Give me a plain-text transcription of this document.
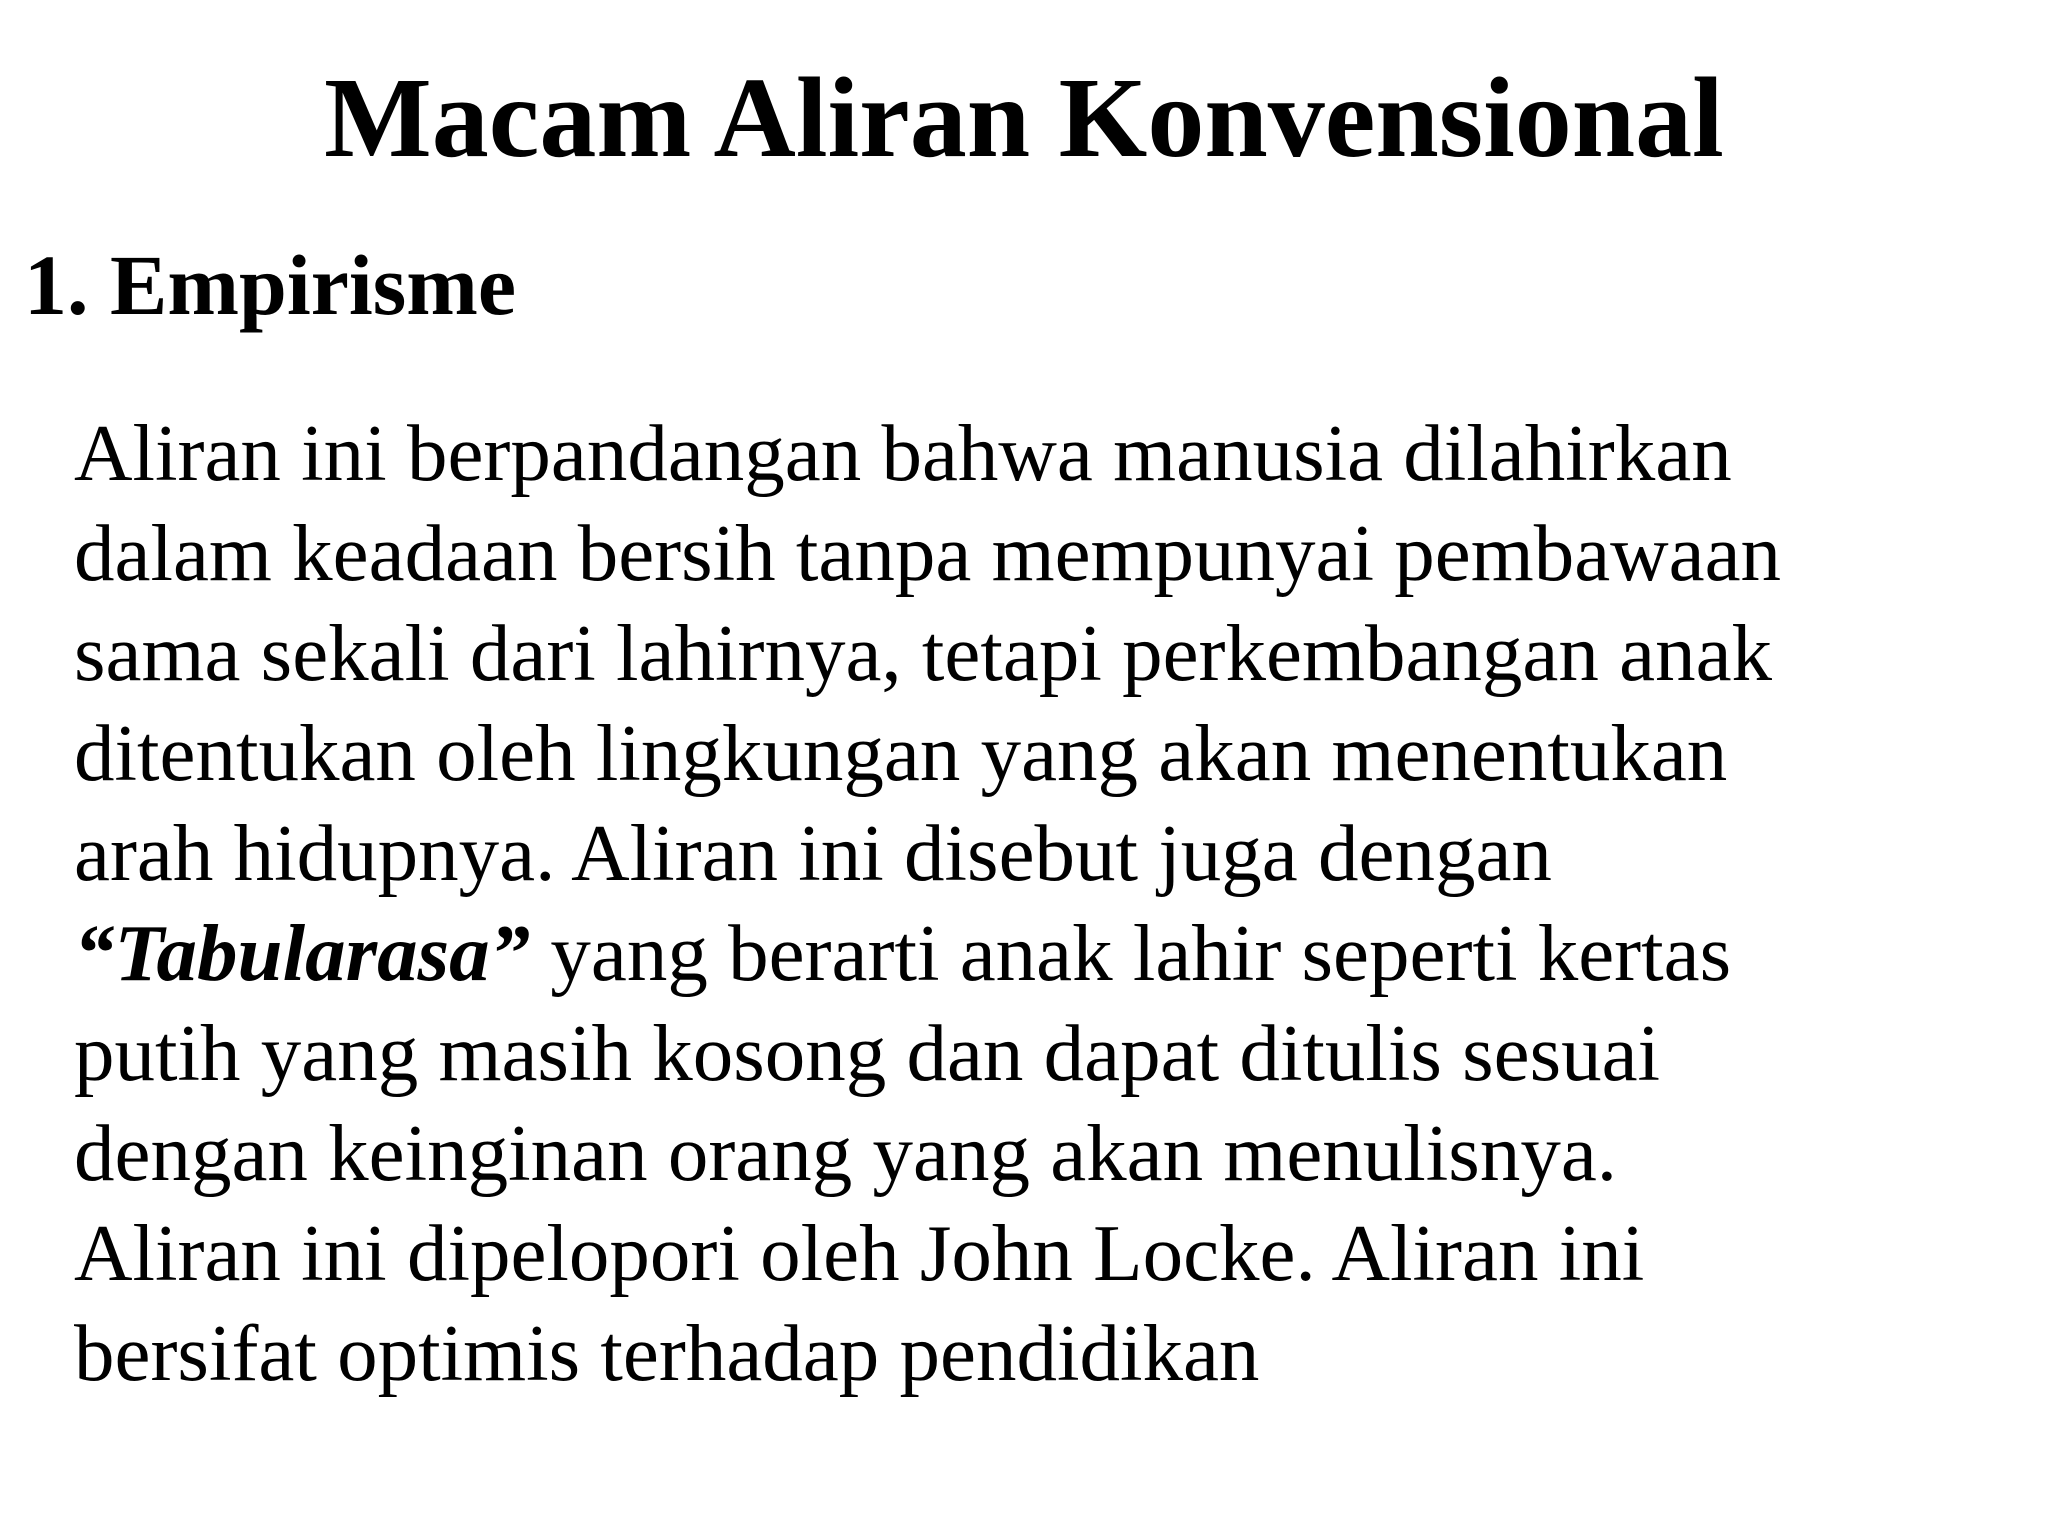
Macam Aliran Konvensional
1. Empirisme

Aliran ini berpandangan bahwa manusia dilahirkan
dalam keadaan bersih tanpa mempunyai pembawaan
sama sekali dari lahirnya, tetapi perkembangan anak
ditentukan oleh lingkungan yang akan menentukan
arah hidupnya. Aliran ini disebut juga dengan
“Tabularasa” yang berarti anak lahir seperti kertas
putih yang masih kosong dan dapat ditulis sesuai
dengan keinginan orang yang akan menulisnya.
Aliran ini dipelopori oleh John Locke. Aliran ini
bersifat optimis terhadap pendidikan
